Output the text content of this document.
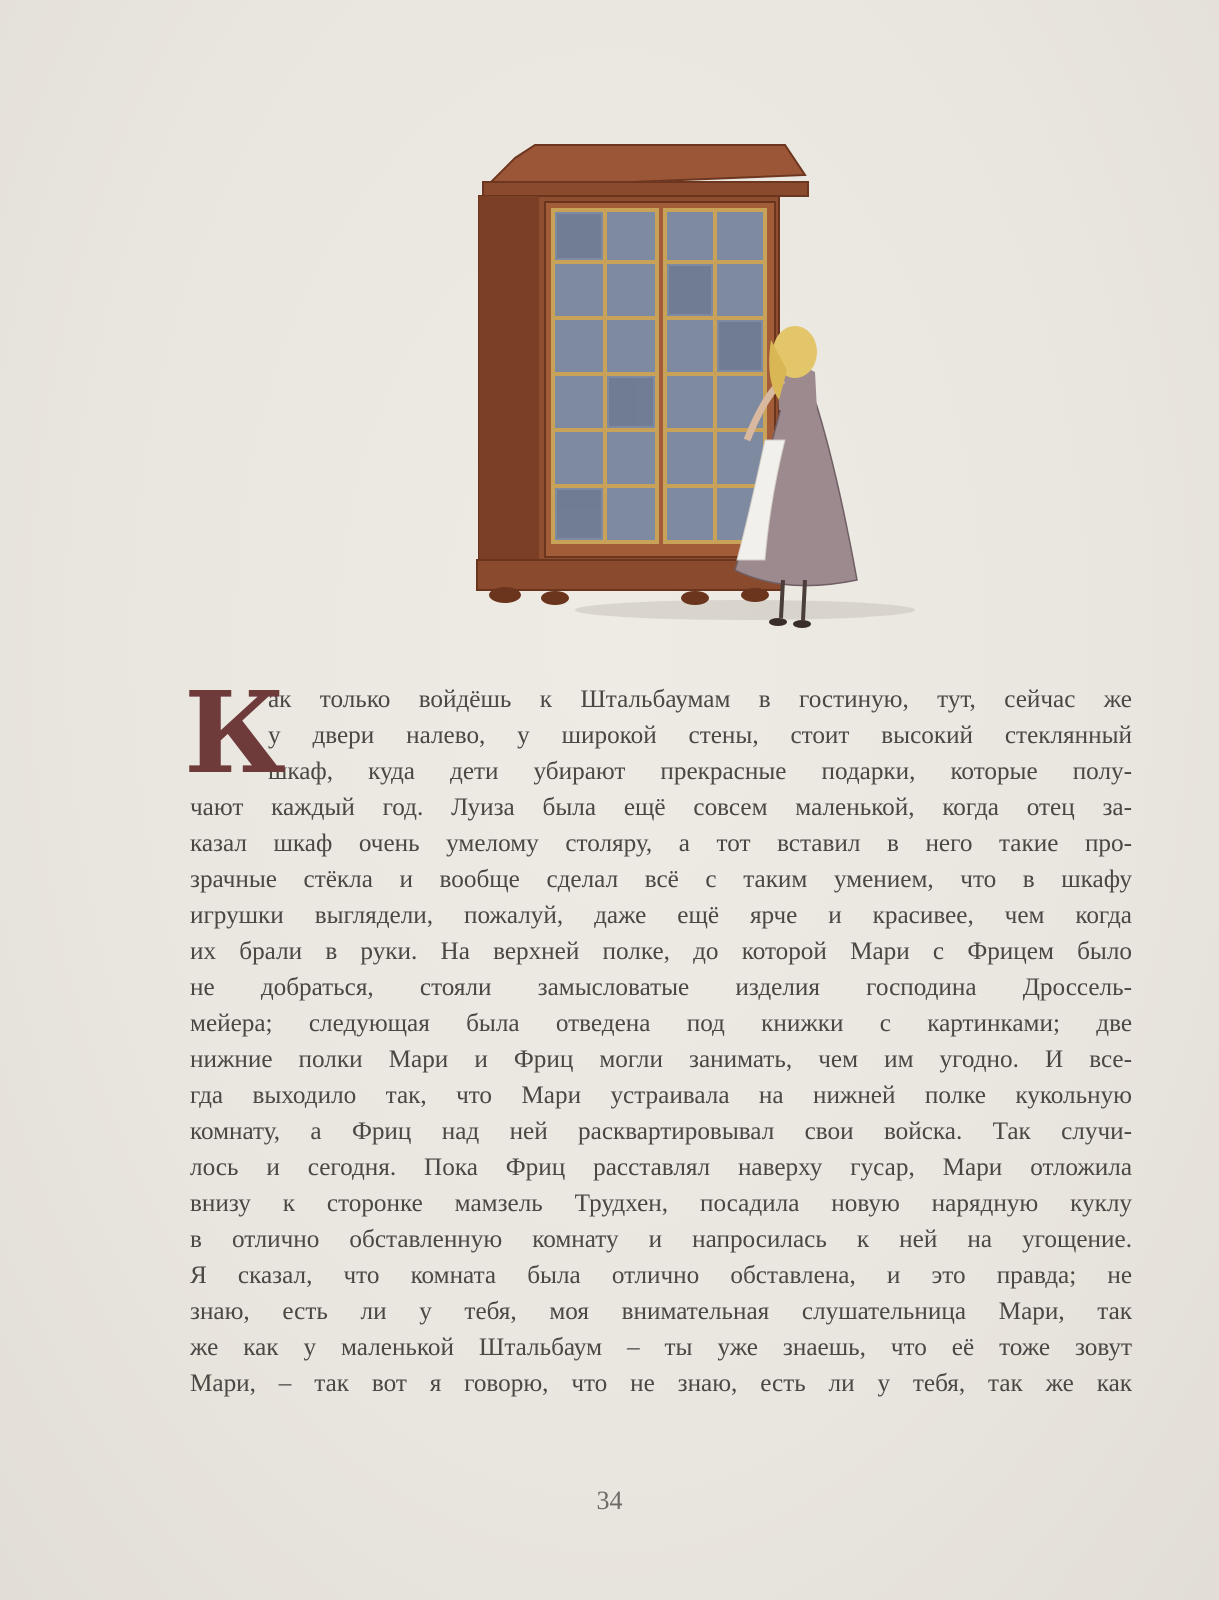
К
ак только войдёшь к Штальбаумам в гостиную, тут, сейчас же
у двери налево, у широкой стены, стоит высокий стеклянный
шкаф, куда дети убирают прекрасные подарки, которые полу-
чают каждый год. Луиза была ещё совсем маленькой, когда отец за-
казал шкаф очень умелому столяру, а тот вставил в него такие про-
зрачные стёкла и вообще сделал всё с таким умением, что в шкафу
игрушки выглядели, пожалуй, даже ещё ярче и красивее, чем когда
их брали в руки. На верхней полке, до которой Мари с Фрицем было
не добраться, стояли замысловатые изделия господина Дроссель-
мейера; следующая была отведена под книжки с картинками; две
нижние полки Мари и Фриц могли занимать, чем им угодно. И все-
гда выходило так, что Мари устраивала на нижней полке кукольную
комнату, а Фриц над ней расквартировывал свои войска. Так случи-
лось и сегодня. Пока Фриц расставлял наверху гусар, Мари отложила
внизу к сторонке мамзель Трудхен, посадила новую нарядную куклу
в отлично обставленную комнату и напросилась к ней на угощение.
Я сказал, что комната была отлично обставлена, и это правда; не
знаю, есть ли у тебя, моя внимательная слушательница Мари, так
же как у маленькой Штальбаум – ты уже знаешь, что её тоже зовут
Мари, – так вот я говорю, что не знаю, есть ли у тебя, так же как
34
